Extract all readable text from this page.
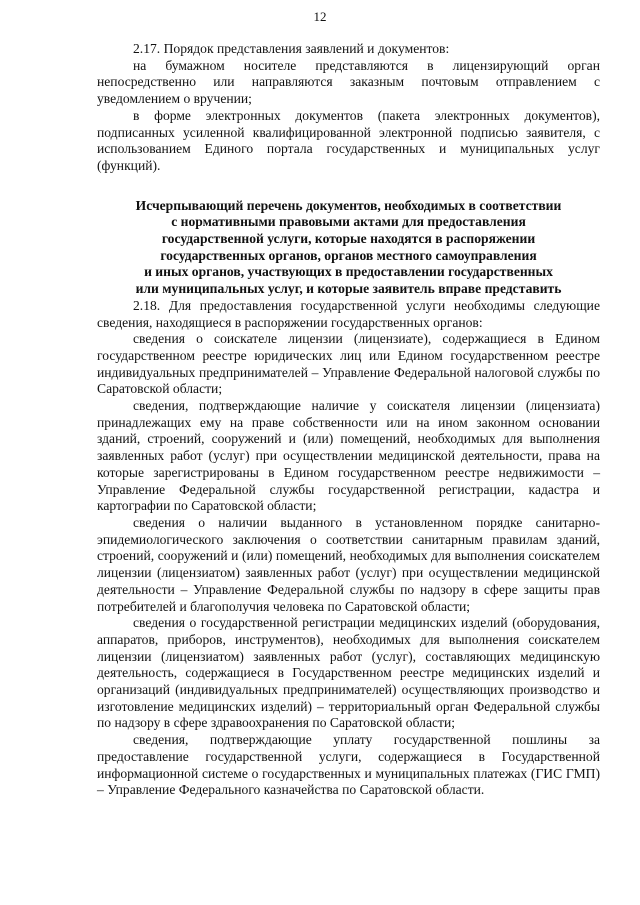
12

2.17. Порядок представления заявлений и документов:

на бумажном носителе представляются в лицензирующий орган непосредственно или направляются заказным почтовым отправлением с уведомлением о вручении;

в форме электронных документов (пакета электронных документов), подписанных усиленной квалифицированной электронной подписью заявителя, с использованием Единого портала государственных и муниципальных услуг (функций).

Исчерпывающий перечень документов, необходимых в соответствии
с нормативными правовыми актами для предоставления
государственной услуги, которые находятся в распоряжении
государственных органов, органов местного самоуправления
и иных органов, участвующих в предоставлении государственных
или муниципальных услуг, и которые заявитель вправе представить

2.18. Для предоставления государственной услуги необходимы следующие сведения, находящиеся в распоряжении государственных органов:

сведения о соискателе лицензии (лицензиате), содержащиеся в Едином государственном реестре юридических лиц или Едином государственном реестре индивидуальных предпринимателей – Управление Федеральной налоговой службы по Саратовской области;

сведения, подтверждающие наличие у соискателя лицензии (лицензиата) принадлежащих ему на праве собственности или на ином законном основании зданий, строений, сооружений и (или) помещений, необходимых для выполнения заявленных работ (услуг) при осуществлении медицинской деятельности, права на которые зарегистрированы в Едином государственном реестре недвижимости – Управление Федеральной службы государственной регистрации, кадастра и картографии по Саратовской области;

сведения о наличии выданного в установленном порядке санитарно-эпидемиологического заключения о соответствии санитарным правилам зданий, строений, сооружений и (или) помещений, необходимых для выполнения соискателем лицензии (лицензиатом) заявленных работ (услуг) при осуществлении медицинской деятельности – Управление Федеральной службы по надзору в сфере защиты прав потребителей и благополучия человека по Саратовской области;

сведения о государственной регистрации медицинских изделий (оборудования, аппаратов, приборов, инструментов), необходимых для выполнения соискателем лицензии (лицензиатом) заявленных работ (услуг), составляющих медицинскую деятельность, содержащиеся в Государственном реестре медицинских изделий и организаций (индивидуальных предпринимателей) осуществляющих производство и изготовление медицинских изделий) – территориальный орган Федеральной службы по надзору в сфере здравоохранения по Саратовской области;

сведения, подтверждающие уплату государственной пошлины за предоставление государственной услуги, содержащиеся в Государственной информационной системе о государственных и муниципальных платежах (ГИС ГМП) – Управление Федерального казначейства по Саратовской области.
